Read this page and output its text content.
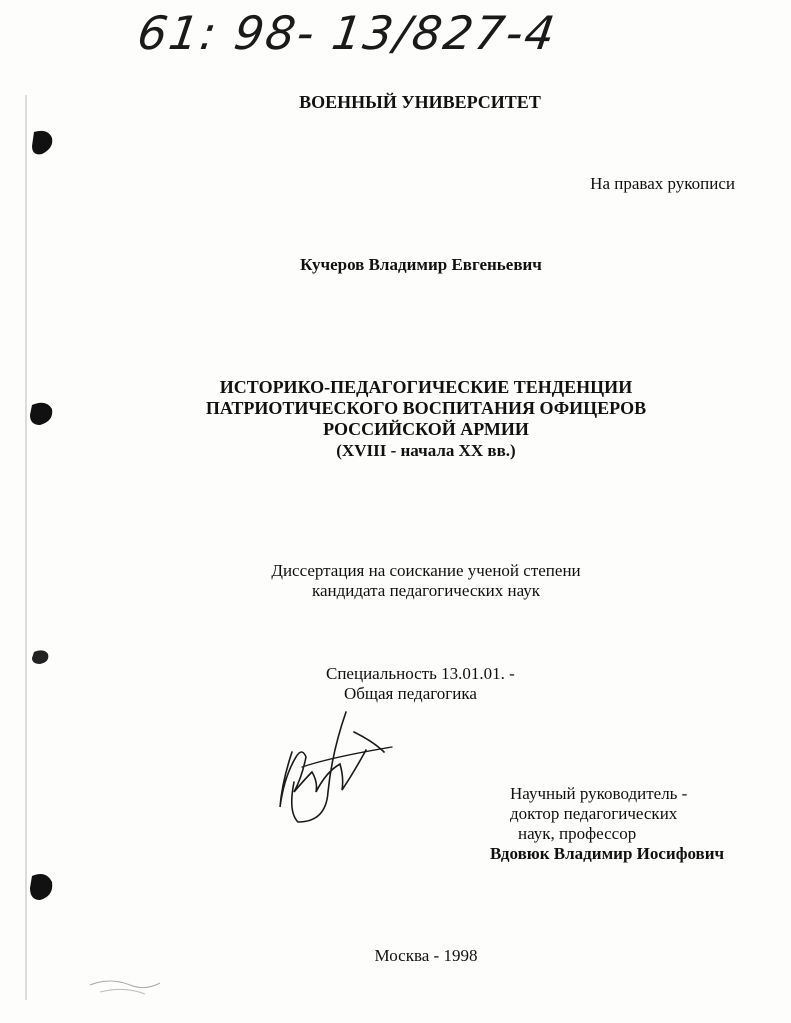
61: 98- 13/827-4
ВОЕННЫЙ УНИВЕРСИТЕТ
На правах рукописи
Кучеров Владимир Евгеньевич
ИСТОРИКО-ПЕДАГОГИЧЕСКИЕ ТЕНДЕНЦИИ
ПАТРИОТИЧЕСКОГО ВОСПИТАНИЯ ОФИЦЕРОВ
РОССИЙСКОЙ АРМИИ
(XVIII - начала XX вв.)
Диссертация на соискание ученой степени
кандидата педагогических наук
Специальность 13.01.01. -
Общая педагогика
Научный руководитель -
доктор педагогических
наук, профессор
Вдовюк Владимир Иосифович
Москва - 1998
